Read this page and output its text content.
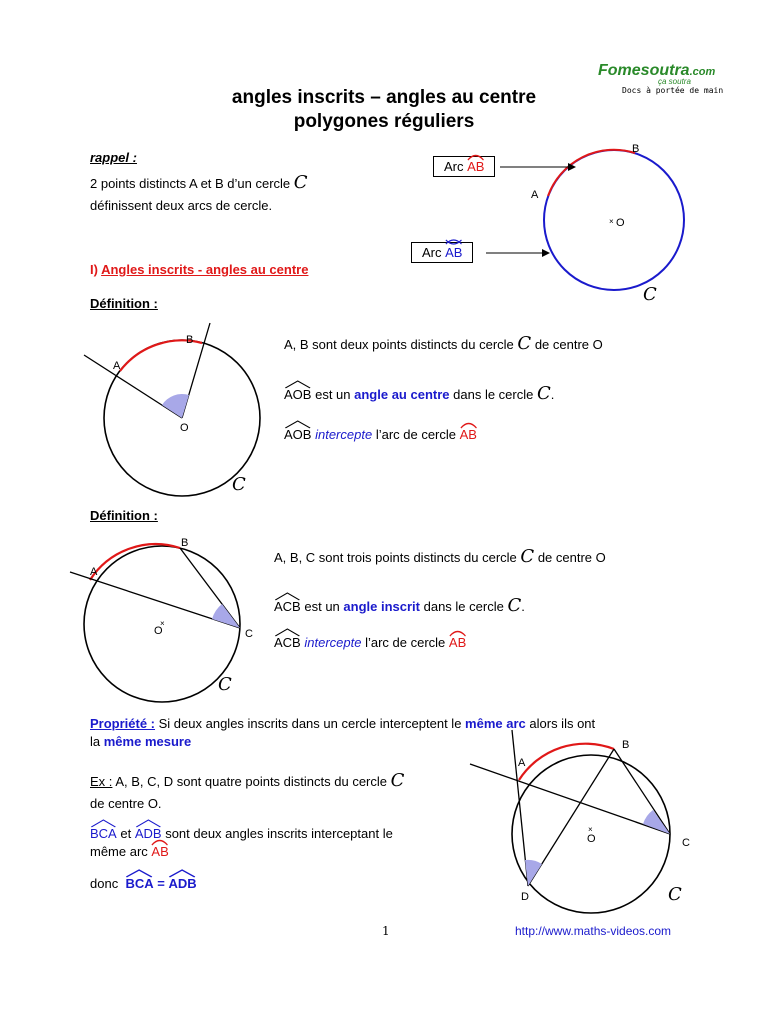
Fomesoutra.com
ça soutra
Docs à portée de main
angles inscrits – angles au centre
polygones réguliers
rappel :
2 points distincts A et B d’un cercle C
définissent deux arcs de cercle.
B
A
× O
C
Arc AB
Arc AB
I) Angles inscrits - angles au centre
Définition :
B
A
O
C
A, B sont deux points distincts du cercle C de centre O
AOB est un angle au centre dans le cercle C.
AOB intercepte l’arc de cercle AB
Définition :
B
A
C
×
O
C
A, B, C sont trois points distincts du cercle C de centre O
ACB est un angle inscrit dans le cercle C.
ACB intercepte l’arc de cercle AB
Propriété : Si deux angles inscrits dans un cercle interceptent le même arc alors ils ont
la même mesure
Ex : A, B, C, D sont quatre points distincts du cercle C
de centre O.
BCA et ADB sont deux angles inscrits interceptant le
même arc AB
donc BCA = ADB
B
A
C
D
×
O
C
1	http://www.maths-videos.com
